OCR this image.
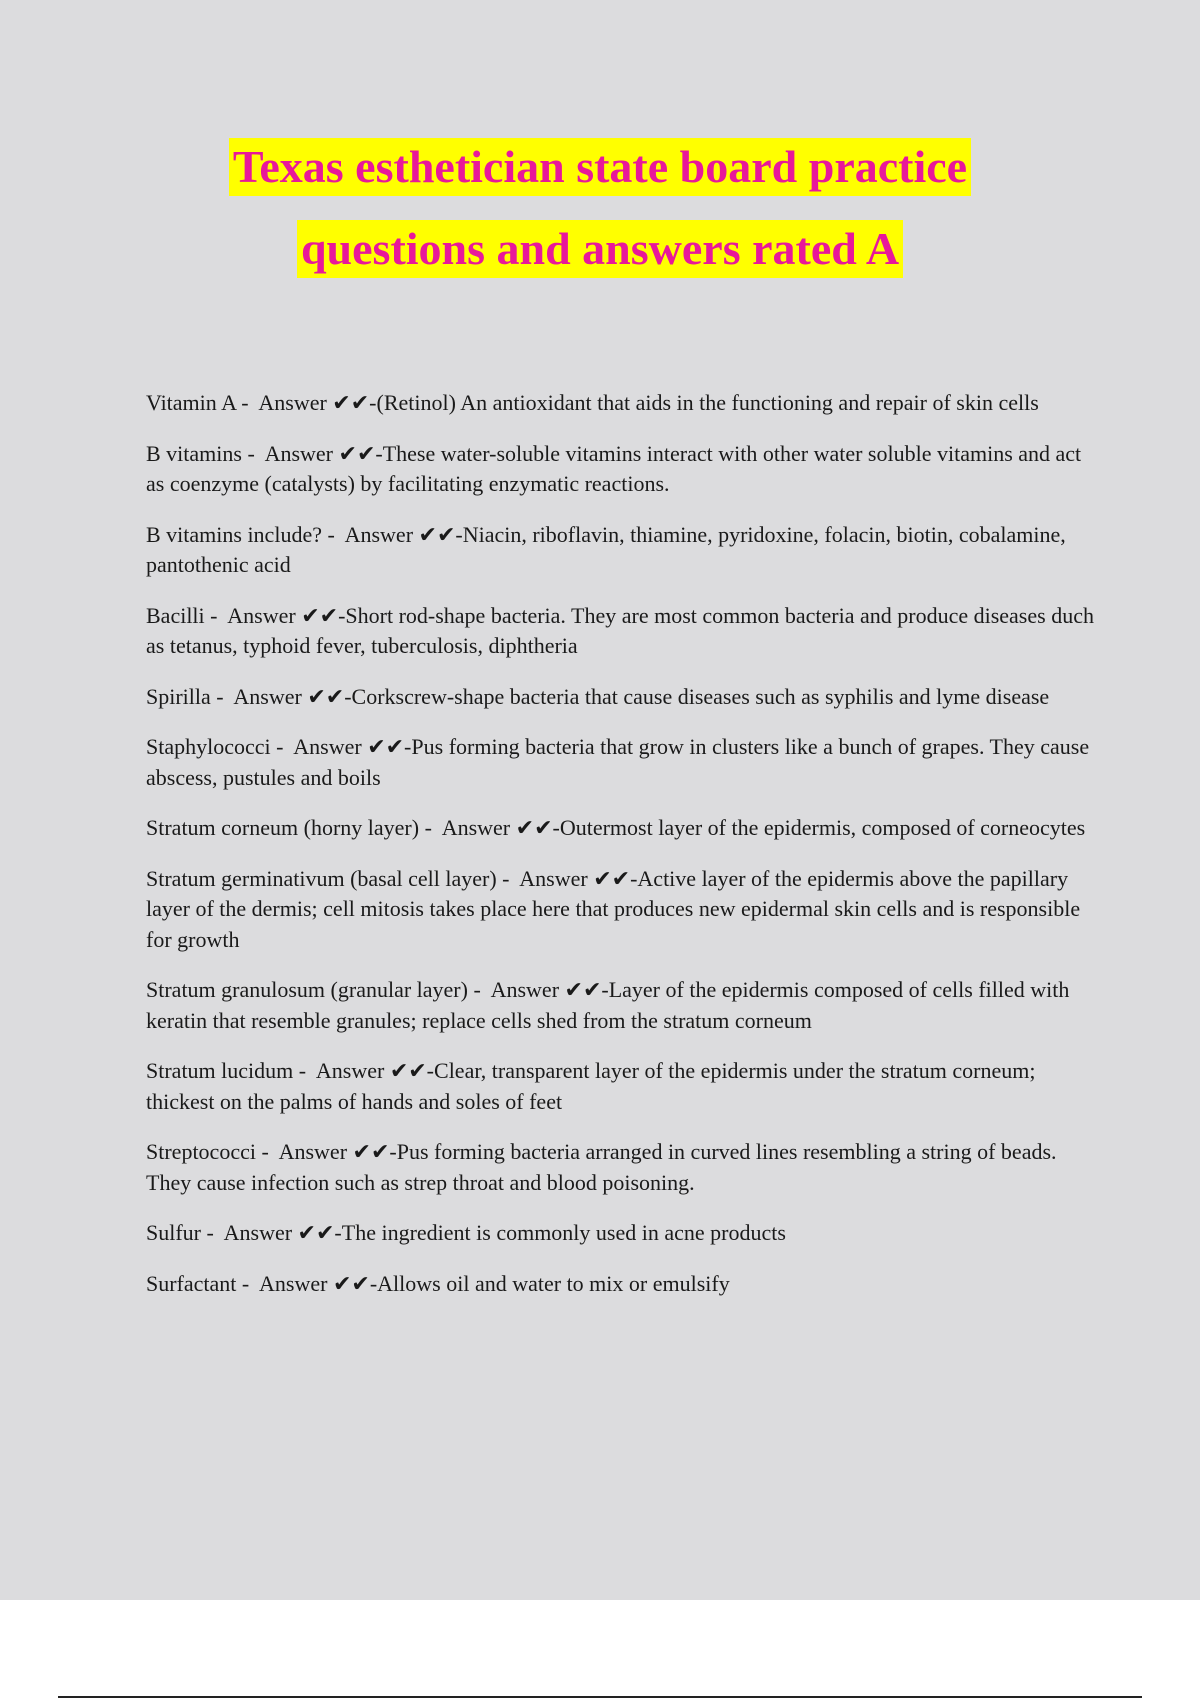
Texas esthetician state board practice
questions and answers rated A
Vitamin A -  Answer ✔✔-(Retinol) An antioxidant that aids in the functioning and repair of skin cells
B vitamins -  Answer ✔✔-These water-soluble vitamins interact with other water soluble vitamins and act as coenzyme (catalysts) by facilitating enzymatic reactions.
B vitamins include? -  Answer ✔✔-Niacin, riboflavin, thiamine, pyridoxine, folacin, biotin, cobalamine, pantothenic acid
Bacilli -  Answer ✔✔-Short rod-shape bacteria. They are most common bacteria and produce diseases duch as tetanus, typhoid fever, tuberculosis, diphtheria
Spirilla -  Answer ✔✔-Corkscrew-shape bacteria that cause diseases such as syphilis and lyme disease
Staphylococci -  Answer ✔✔-Pus forming bacteria that grow in clusters like a bunch of grapes. They cause abscess, pustules and boils
Stratum corneum (horny layer) -  Answer ✔✔-Outermost layer of the epidermis, composed of corneocytes
Stratum germinativum (basal cell layer) -  Answer ✔✔-Active layer of the epidermis above the papillary layer of the dermis; cell mitosis takes place here that produces new epidermal skin cells and is responsible for growth
Stratum granulosum (granular layer) -  Answer ✔✔-Layer of the epidermis composed of cells filled with keratin that resemble granules; replace cells shed from the stratum corneum
Stratum lucidum -  Answer ✔✔-Clear, transparent layer of the epidermis under the stratum corneum; thickest on the palms of hands and soles of feet
Streptococci -  Answer ✔✔-Pus forming bacteria arranged in curved lines resembling a string of beads. They cause infection such as strep throat and blood poisoning.
Sulfur -  Answer ✔✔-The ingredient is commonly used in acne products
Surfactant -  Answer ✔✔-Allows oil and water to mix or emulsify
